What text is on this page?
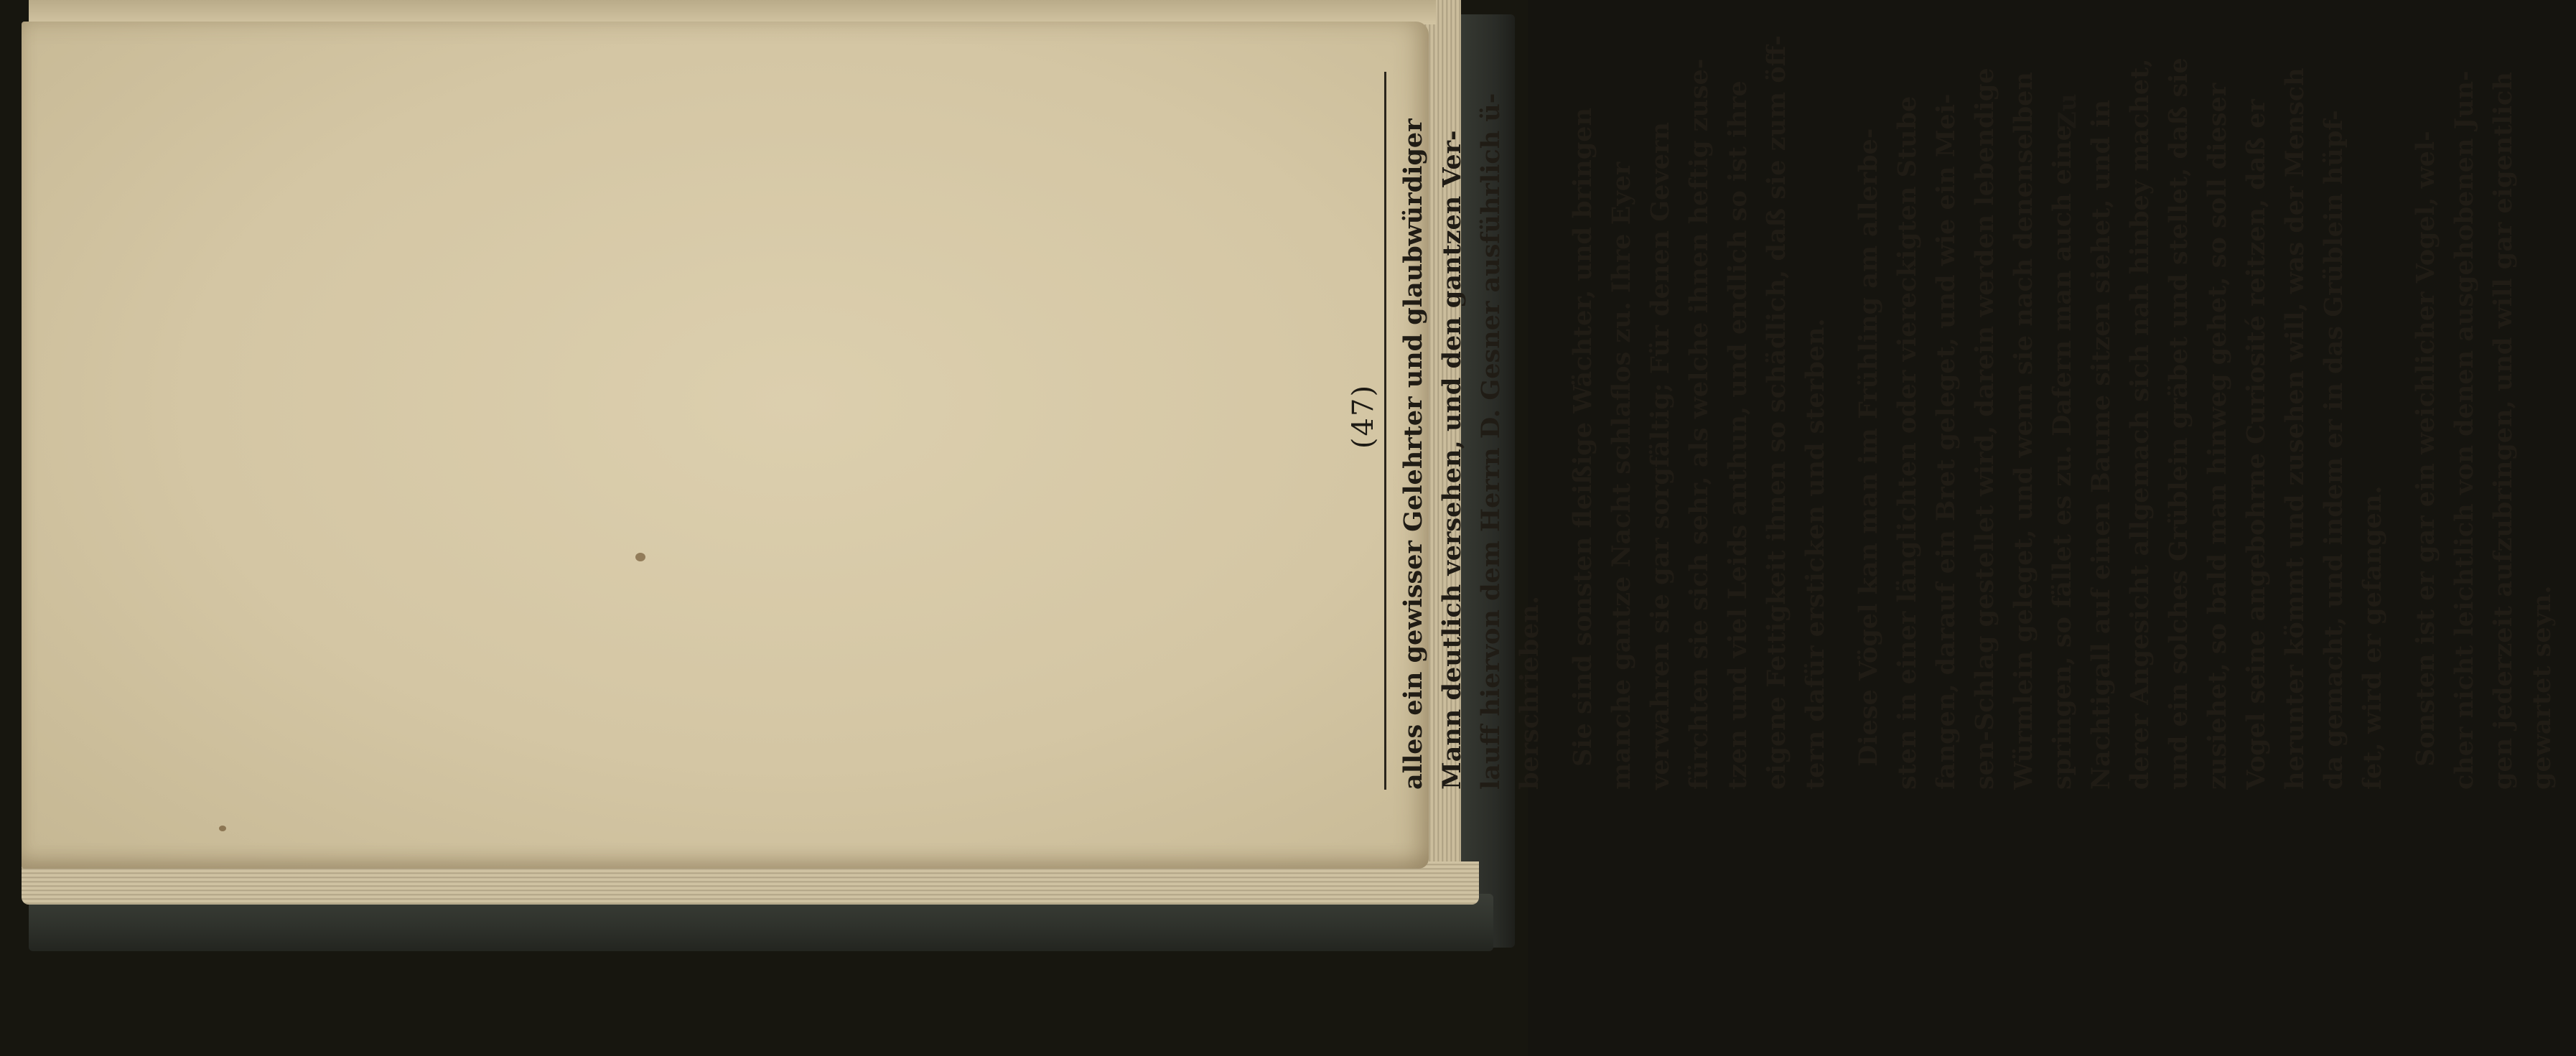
(47) alles ein gewisser Gelehrter und glaubwürdiger Mann deutlich versehen, und den gantzen Ver- lauff hiervon dem Herrn D. Gesner ausführlich ü- berschrieben. Sie sind sonsten fleißige Wächter, und bringen manche gantze Nacht schlaflos zu. Ihre Eyer verwahren sie gar sorgfältig; Für denen Gevern fürchten sie sich sehr, als welche ihnen heftig zuse- tzen und viel Leids anthun, und endlich so ist ihre eigene Fettigkeit ihnen so schädlich, daß sie zum öff- tern dafür ersticken und sterben. Diese Vögel kan man im Frühling am allerbe- sten in einer länglichten oder viereckigten Stube fangen, darauf ein Bret geleget, und wie ein Mei- sen-Schlag gestellet wird, darein werden lebendige Würmlein geleget, und wenn sie nach denenselben springen, so fället es zu. Dafern man auch eine Nachtigall auf einen Baume sitzen siehet, und in derer Angesicht allgemach sich nah hinbey machet, und ein solches Grüblein gräbet und stellet, daß sie zusiehet, so bald man hinweg gehet, so soll dieser Vogel seine angebohrne Curiosité reitzen, daß er herunter kömmt und zusehen will, was der Mensch da gemacht, und indem er in das Grüblein hüpf- fet, wird er gefangen. Sonsten ist er gar ein weichlicher Vogel, wel- cher nicht leichtlich von denen ausgehobenen Jun- gen jederzeit aufzubringen, und will gar eigentlich gewartet seyn.
Zu
